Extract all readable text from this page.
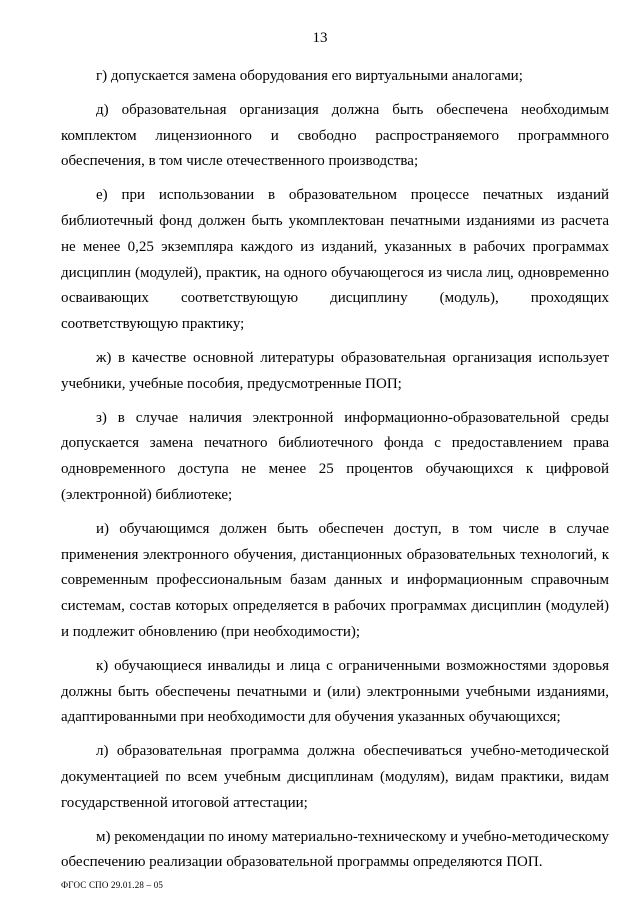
13

г) допускается замена оборудования его виртуальными аналогами;

д) образовательная организация должна быть обеспечена необходимым комплектом лицензионного и свободно распространяемого программного обеспечения, в том числе отечественного производства;

е) при использовании в образовательном процессе печатных изданий библиотечный фонд должен быть укомплектован печатными изданиями из расчета не менее 0,25 экземпляра каждого из изданий, указанных в рабочих программах дисциплин (модулей), практик, на одного обучающегося из числа лиц, одновременно осваивающих соответствующую дисциплину (модуль), проходящих соответствующую практику;

ж) в качестве основной литературы образовательная организация использует учебники, учебные пособия, предусмотренные ПОП;

з) в случае наличия электронной информационно-образовательной среды допускается замена печатного библиотечного фонда с предоставлением права одновременного доступа не менее 25 процентов обучающихся к цифровой (электронной) библиотеке;

и) обучающимся должен быть обеспечен доступ, в том числе в случае применения электронного обучения, дистанционных образовательных технологий, к современным профессиональным базам данных и информационным справочным системам, состав которых определяется в рабочих программах дисциплин (модулей) и подлежит обновлению (при необходимости);

к) обучающиеся инвалиды и лица с ограниченными возможностями здоровья должны быть обеспечены печатными и (или) электронными учебными изданиями, адаптированными при необходимости для обучения указанных обучающихся;

л) образовательная программа должна обеспечиваться учебно-методической документацией по всем учебным дисциплинам (модулям), видам практики, видам государственной итоговой аттестации;

м) рекомендации по иному материально-техническому и учебно-методическому обеспечению реализации образовательной программы определяются ПОП.

ФГОС СПО 29.01.28 – 05
